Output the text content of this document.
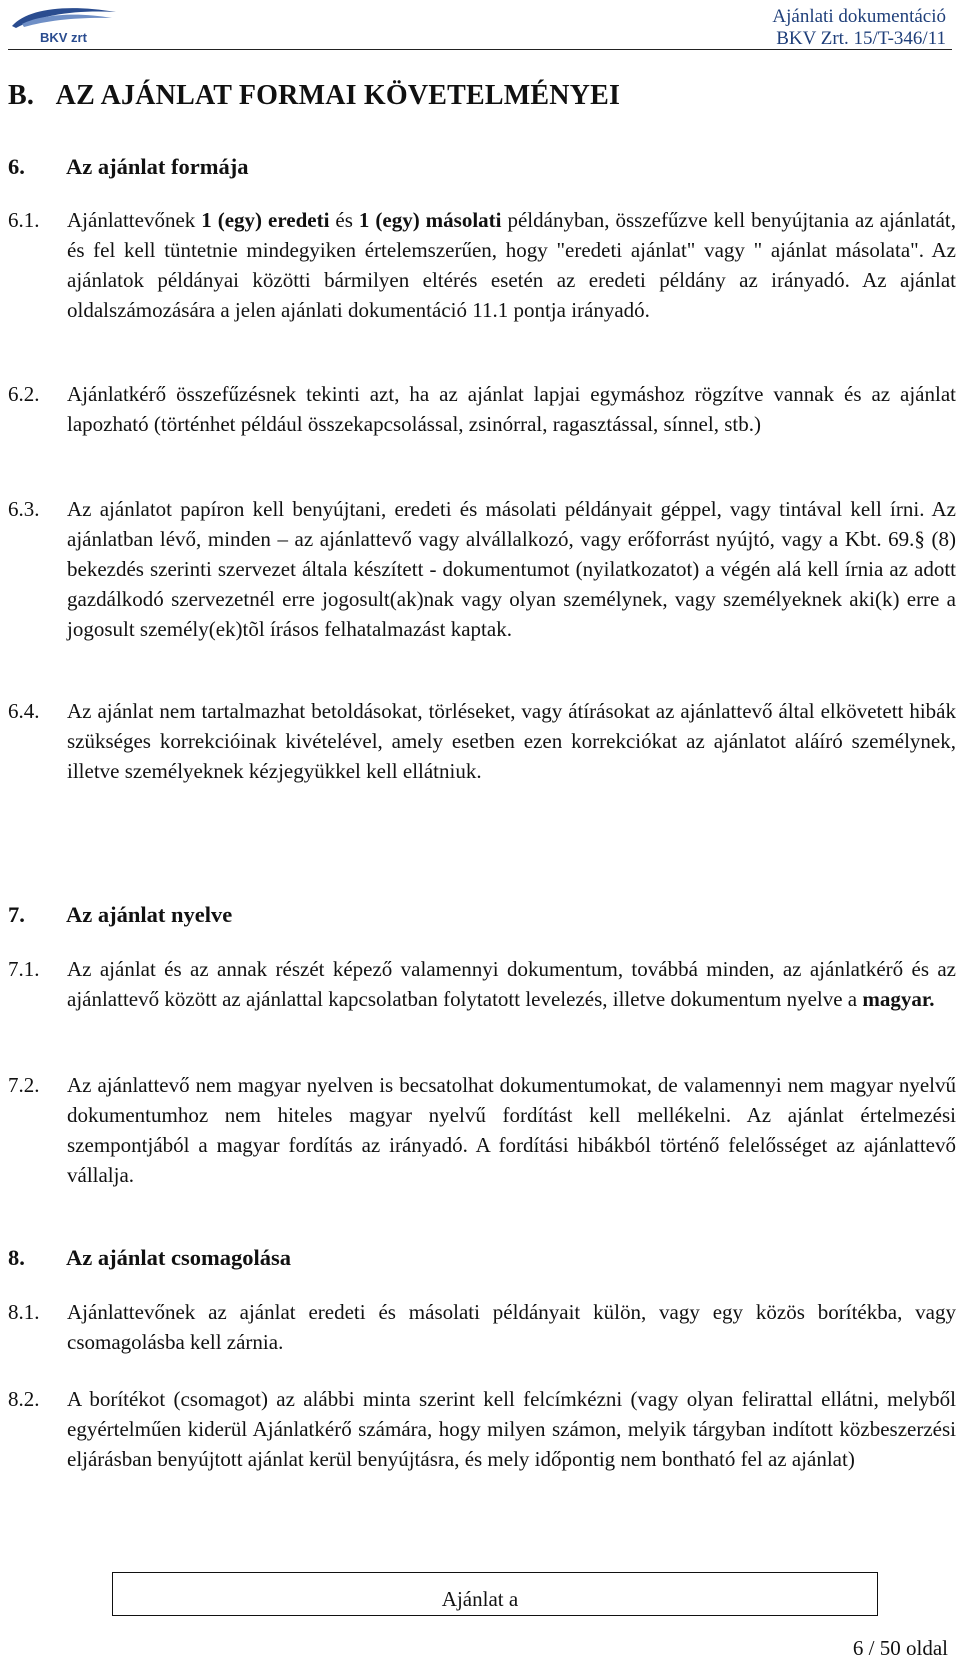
BKV zrt
Ajánlati dokumentáció
BKV Zrt. 15/T-346/11
B.   AZ AJÁNLAT FORMAI KÖVETELMÉNYEI
6. Az ajánlat formája
6.1. Ajánlattevőnek 1 (egy) eredeti és 1 (egy) másolati példányban, összefűzve kell benyújtania az ajánlatát, és fel kell tüntetnie mindegyiken értelemszerűen, hogy "eredeti ajánlat" vagy " ajánlat másolata". Az ajánlatok példányai közötti bármilyen eltérés esetén az eredeti példány az irányadó. Az ajánlat oldalszámozására a jelen ajánlati dokumentáció 11.1 pontja irányadó.
6.2. Ajánlatkérő összefűzésnek tekinti azt, ha az ajánlat lapjai egymáshoz rögzítve vannak és az ajánlat lapozható (történhet például összekapcsolással, zsinórral, ragasztással, sínnel, stb.)
6.3. Az ajánlatot papíron kell benyújtani, eredeti és másolati példányait géppel, vagy tintával kell írni. Az ajánlatban lévő, minden – az ajánlattevő vagy alvállalkozó, vagy erőforrást nyújtó, vagy a Kbt. 69.§ (8) bekezdés szerinti szervezet általa készített - dokumentumot (nyilatkozatot) a végén alá kell írnia az adott gazdálkodó szervezetnél erre jogosult(ak)nak vagy olyan személynek, vagy személyeknek aki(k) erre a jogosult személy(ek)tõl írásos felhatalmazást kaptak.
6.4. Az ajánlat nem tartalmazhat betoldásokat, törléseket, vagy átírásokat az ajánlattevő által elkövetett hibák szükséges korrekcióinak kivételével, amely esetben ezen korrekciókat az ajánlatot aláíró személynek, illetve személyeknek kézjegyükkel kell ellátniuk.
7. Az ajánlat nyelve
7.1. Az ajánlat és az annak részét képező valamennyi dokumentum, továbbá minden, az ajánlatkérő és az ajánlattevő között az ajánlattal kapcsolatban folytatott levelezés, illetve dokumentum nyelve a magyar.
7.2. Az ajánlattevő nem magyar nyelven is becsatolhat dokumentumokat, de valamennyi nem magyar nyelvű dokumentumhoz nem hiteles magyar nyelvű fordítást kell mellékelni. Az ajánlat értelmezési szempontjából a magyar fordítás az irányadó. A fordítási hibákból történő felelősséget az ajánlattevő vállalja.
8. Az ajánlat csomagolása
8.1. Ajánlattevőnek az ajánlat eredeti és másolati példányait külön, vagy egy közös borítékba, vagy csomagolásba kell zárnia.
8.2. A borítékot (csomagot) az alábbi minta szerint kell felcímkézni (vagy olyan felirattal ellátni, melyből egyértelműen kiderül Ajánlatkérő számára, hogy milyen számon, melyik tárgyban indított közbeszerzési eljárásban benyújtott ajánlat kerül benyújtásra, és mely időpontig nem bontható fel az ajánlat)
Ajánlat a
6 / 50 oldal
